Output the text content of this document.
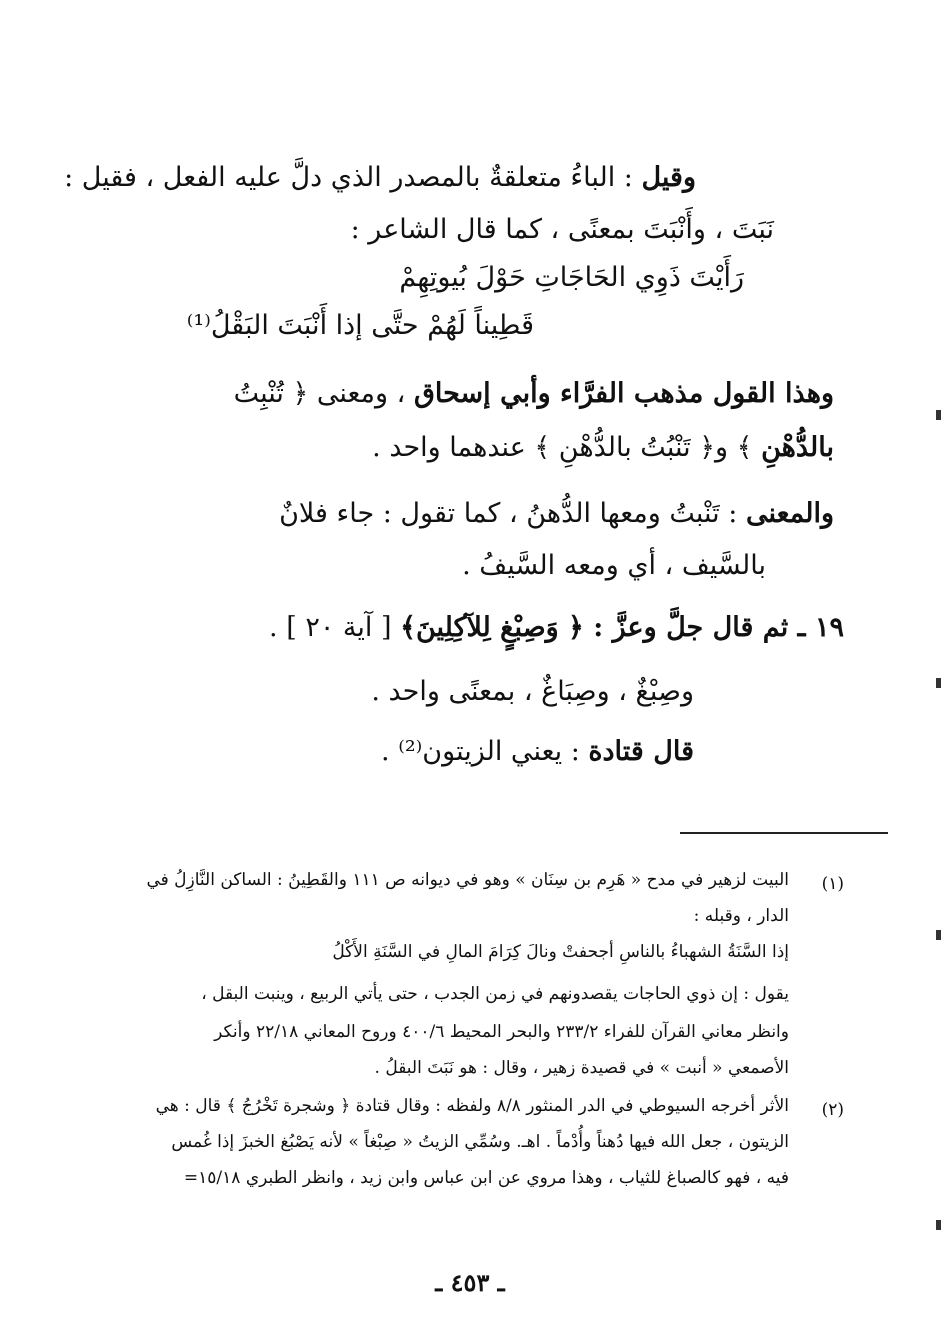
وقيل : الباءُ متعلقةٌ بالمصدر الذي دلَّ عليه الفعل ، فقيل :
نَبَتَ ، وأَنْبَتَ بمعنًى ، كما قال الشاعر :
رَأَيْتَ ذَوِي الحَاجَاتِ حَوْلَ بُيوتِهِمْ
قَطِيناً لَهُمْ حتَّى إذا أَنْبَتَ البَقْلُ⁽¹⁾
وهذا القول مذهب الفرَّاء وأبي إسحاق ، ومعنى ﴿ تُنْبِتُ
بالدُّهْنِ ﴾ و﴿ تَنْبُتُ بالدُّهْنِ ﴾ عندهما واحد .
والمعنى : تَنْبتُ ومعها الدُّهنُ ، كما تقول : جاء فلانٌ
بالسَّيف ، أي ومعه السَّيفُ .
١٩ ـ ثم قال جلَّ وعزَّ : ﴿ وَصِبْغٍ لِلآكِلِينَ﴾ [ آية ٢٠ ] .
وصِبْغٌ ، وصِبَاغٌ ، بمعنًى واحد .
قال قتادة : يعني الزيتون⁽²⁾ .
(١)
(٢)
البيت لزهير في مدح « هَرِم بن سِنَان » وهو في ديوانه ص ١١١ والقَطِينُ : الساكن النَّازِلُ في
الدار ، وقبله :
إذا السَّنَةُ الشهباءُ بالناسِ أجحفتْ ونالَ كِرَامَ المالِ في السَّنَةِ الأَكْلُ
يقول : إن ذوي الحاجات يقصدونهم في زمن الجدب ، حتى يأتي الربيع ، وينبت البقل ،
وانظر معاني القرآن للفراء ٢٣٣/٢ والبحر المحيط ٤٠٠/٦ وروح المعاني ٢٢/١٨ وأنكر
الأصمعي « أنبت » في قصيدة زهير ، وقال : هو نَبَتَ البقلُ .
الأثر أخرجه السيوطي في الدر المنثور ٨/٨ ولفظه : وقال قتادة ﴿ وشجرة تَخْرُجُ ﴾ قال : هي
الزيتون ، جعل الله فيها دُهناً وأُدْماً . اهـ. وسُمِّي الزيتُ « صِبْغاً » لأنه يَصْبُغ الخبزَ إذا غُمس
فيه ، فهو كالصباغ للثياب ، وهذا مروي عن ابن عباس وابن زيد ، وانظر الطبري ١٥/١٨=
ـ ٤٥٣ ـ
